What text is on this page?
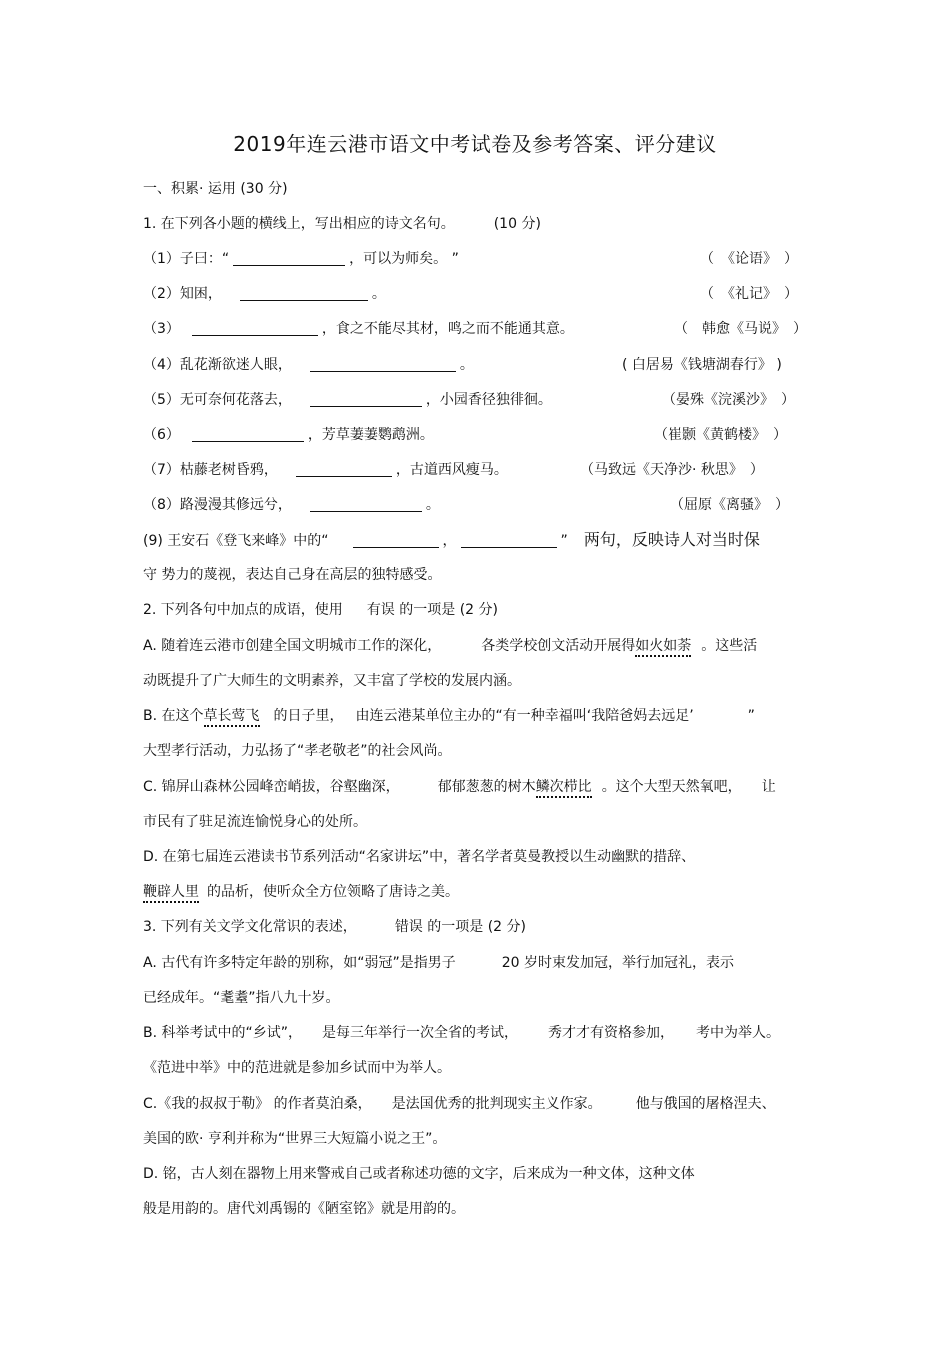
2019年连云港市语文中考试卷及参考答案、评分建议
一、积累· 运用 (30 分)
1. 在下列各小题的横线上，写出相应的诗文名句。	(10 分)
（1）子曰：“	，可以为师矣。 ”	（　《论语》　）
（2）知困，	。	（　《礼记》　）
（3）	，食之不能尽其材，鸣之而不能通其意。	（　韩愈《马说》　）
（4）乱花渐欲迷人眼，	。	( 白居易《钱塘湖春行》 )
（5）无可奈何花落去，	，小园香径独徘徊。	（晏殊《浣溪沙》　）
（6）	，芳草萋萋鹦鹉洲。	（崔颢《黄鹤楼》　）
（7）枯藤老树昏鸦，	，古道西风瘦马。	（马致远《天净沙· 秋思》　）
（8）路漫漫其修远兮，	。	（屈原《离骚》　）
(9) 王安石《登飞来峰》中的“	，	” 两句，反映诗人对当时保
守 势力的蔑视，表达自己身在高层的独特感受。
2. 下列各句中加点的成语，使用 有误 的一项是 (2 分)
A. 随着连云港市创建全国文明城市工作的深化，	各类学校创文活动开展得如火如荼 。这些活
动既提升了广大师生的文明素养，又丰富了学校的发展内涵。
B. 在这个草长莺飞 的日子里， 由连云港某单位主办的“有一种幸福叫‘我陪爸妈去远足’	”
大型孝行活动，力弘扬了“孝老敬老”的社会风尚。
C. 锦屏山森林公园峰峦峭拔，谷壑幽深，	郁郁葱葱的树木鳞次栉比 。这个大型天然氧吧， 让
市民有了驻足流连愉悦身心的处所。
D. 在第七届连云港读书节系列活动“名家讲坛”中，著名学者莫曼教授以生动幽默的措辞、
鞭辟人里 的品析，使听众全方位领略了唐诗之美。
3. 下列有关文学文化常识的表述，	错误 的一项是 (2 分)
A. 古代有许多特定年龄的别称，如“弱冠”是指男子	20 岁时束发加冠，举行加冠礼，表示
已经成年。“耄耋”指八九十岁。
B. 科举考试中的“乡试”， 是每三年举行一次全省的考试， 秀才才有资格参加， 考中为举人。
《范进中举》中的范进就是参加乡试而中为举人。
C.《我的叔叔于勒》 的作者莫泊桑， 是法国优秀的批判现实主义作家。 他与俄国的屠格涅夫、
美国的欧· 亨利并称为“世界三大短篇小说之王”。
D. 铭，古人刻在器物上用来警戒自己或者称述功德的文字，后来成为一种文体，这种文体
般是用韵的。唐代刘禹锡的《陋室铭》就是用韵的。
